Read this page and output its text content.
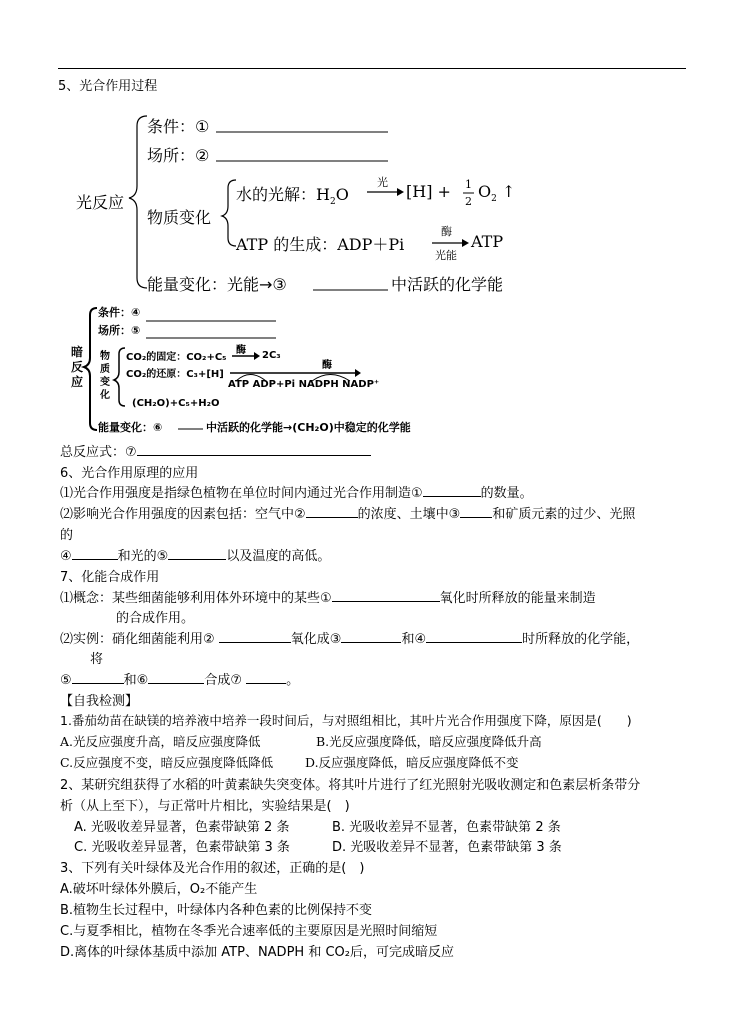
5、光合作用过程
光反应
条件：①
场所：②
物质变化
水的光解：$H_2O$
光 [H] + 1
2
$O_2$ ↑
ATP 的生成：ADP＋Pi
酶
光能
ATP
能量变化：光能→③	中活跃的化学能
暗反应
条件：④
场所：⑤
物质变化
CO₂的固定：CO₂+C₅
酶 2C₃
CO₂的还原：C₃+[H]
酶
ATP ADP+Pi NADPH NADP⁺
(CH₂O)+C₅+H₂O
能量变化：⑥	中活跃的化学能→(CH₂O)中稳定的化学能
总反应式：⑦
6、光合作用原理的应用
⑴光合作用强度是指绿色植物在单位时间内通过光合作用制造①	的数量。
⑵影响光合作用强度的因素包括：空气中②	的浓度、土壤中③ 和矿质元素的过少、光照
的
④	和光的⑤	以及温度的高低。
7、化能合成作用
⑴概念：某些细菌能够利用体外环境中的某些①	氧化时所释放的能量来制造
的合成作用。
⑵实例：硝化细菌能利用②	氧化成③	和④	时所释放的化学能，
将
⑤	和⑥	合成⑦	。
【自我检测】
1.番茄幼苗在缺镁的培养液中培养一段时间后，与对照组相比，其叶片光合作用强度下降，原因是(　　)
A.光反应强度升高，暗反应强度降低	B.光反应强度降低，暗反应强度降低升高
C.反应强度不变，暗反应强度降低降低	D.反应强度降低，暗反应强度降低不变
2、某研究组获得了水稻的叶黄素缺失突变体。将其叶片进行了红光照射光吸收测定和色素层析条带分
析（从上至下），与正常叶片相比，实验结果是(　)
A. 光吸收差异显著，色素带缺第 2 条	B. 光吸收差异不显著，色素带缺第 2 条
C. 光吸收差异显著，色素带缺第 3 条	D. 光吸收差异不显著，色素带缺第 3 条
3、下列有关叶绿体及光合作用的叙述，正确的是(　)
A.破坏叶绿体外膜后，O₂不能产生
B.植物生长过程中，叶绿体内各种色素的比例保持不变
C.与夏季相比，植物在冬季光合速率低的主要原因是光照时间缩短
D.离体的叶绿体基质中添加 ATP、NADPH 和 CO₂后，可完成暗反应
